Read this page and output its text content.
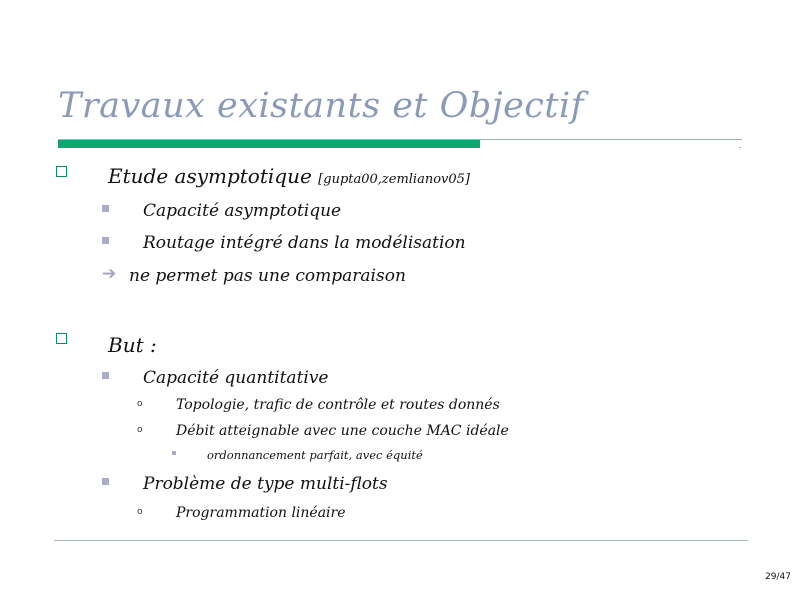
Travaux existants et Objectif
Etude asymptotique [gupta00,zemlianov05]
Capacité asymptotique
Routage intégré dans la modélisation
➔ ne permet pas une comparaison
But :
Capacité quantitative
o Topologie, trafic de contrôle et routes donnés
o Débit atteignable avec une couche MAC idéale
ordonnancement parfait, avec équité
Problème de type multi-flots
o Programmation linéaire
29/47
